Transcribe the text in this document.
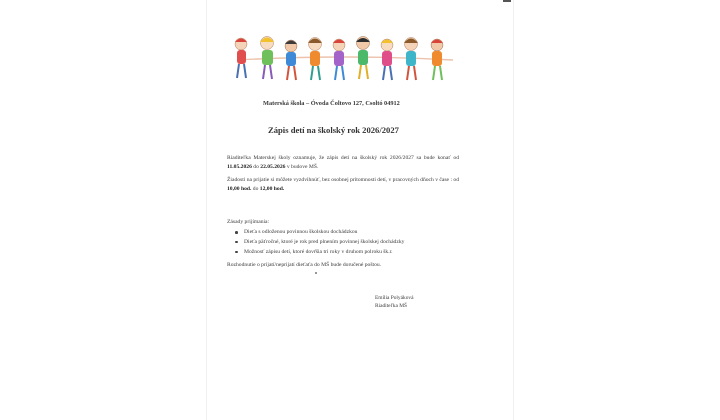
Materská škola – Óvoda Čoltovo 127, Csoltó 04912
Zápis detí na školský rok 2026/2027
Riaditeľka Materskej školy oznamuje, že zápis detí na školský rok 2026/2027 sa bude konať od 11.05.2026 do 22.05.2026 v budove MŠ.
Žiadosti na prijatie si môžete vyzdvihnúť, bez osobnej prítomnosti detí, v pracovných dňoch v čase : od 10,00 hod. do 12,00 hod.
Zásady prijímania:
Dieťa s odloženou povinnou školskou dochádzkou
Dieťa päťročné, ktoré je rok pred plnením povinnej školskej dochádzky
Možnosť zápisu detí, ktoré dovŕšia tri roky v druhom polroku šk.r.
Rozhodnutie o prijatí/neprijatí dieťaťa do MŠ bude doručené poštou.
Emília Polyáková
Riaditeľka MŠ
